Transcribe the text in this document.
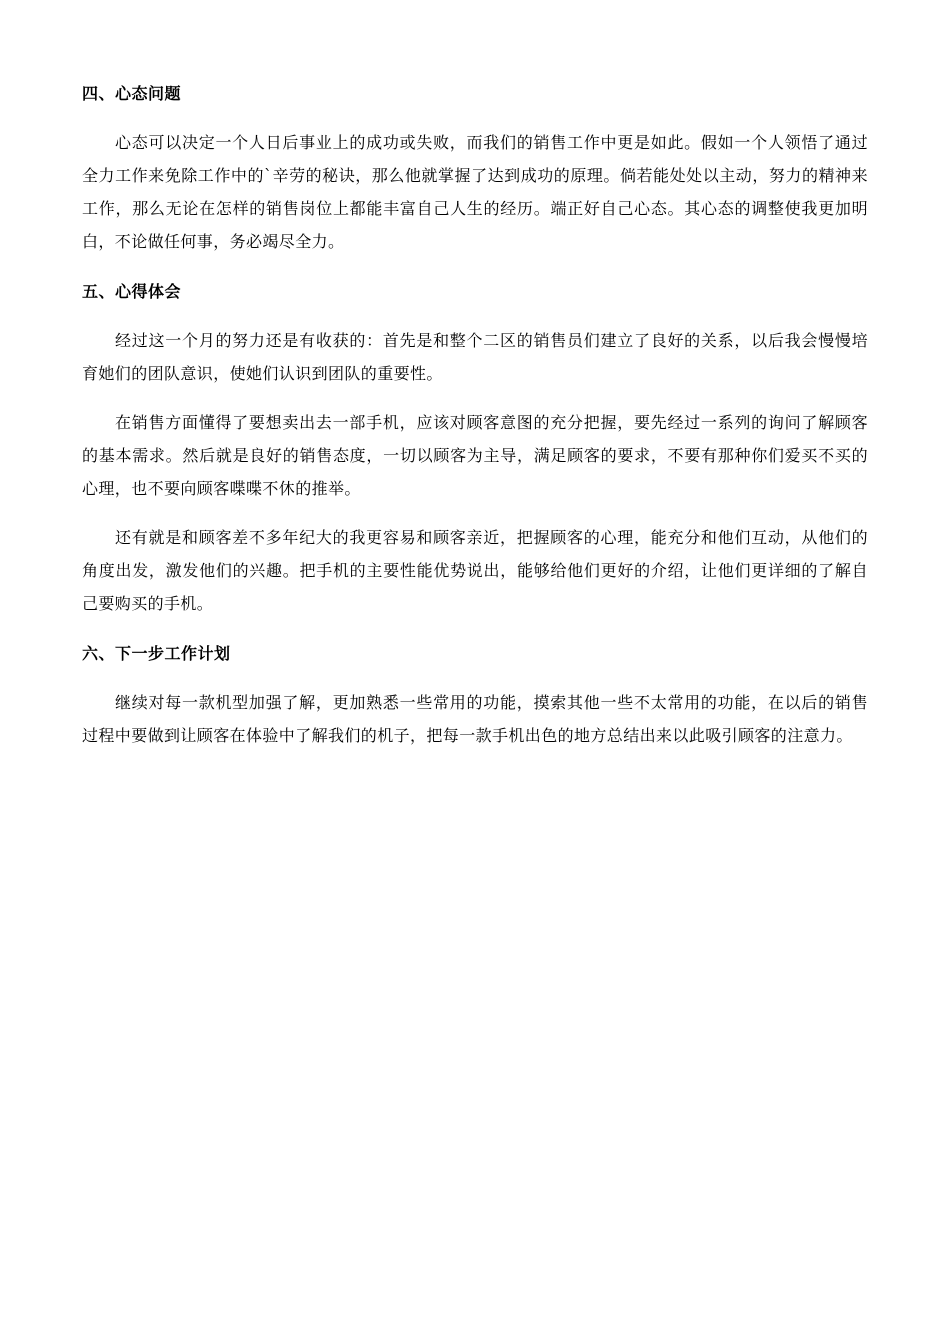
四、心态问题

心态可以决定一个人日后事业上的成功或失败，而我们的销售工作中更是如此。假如一个人领悟了通过全力工作来免除工作中的`辛劳的秘诀，那么他就掌握了达到成功的原理。倘若能处处以主动，努力的精神来工作，那么无论在怎样的销售岗位上都能丰富自己人生的经历。端正好自己心态。其心态的调整使我更加明白，不论做任何事，务必竭尽全力。

五、心得体会

经过这一个月的努力还是有收获的：首先是和整个二区的销售员们建立了良好的关系，以后我会慢慢培育她们的团队意识，使她们认识到团队的重要性。

在销售方面懂得了要想卖出去一部手机，应该对顾客意图的充分把握，要先经过一系列的询问了解顾客的基本需求。然后就是良好的销售态度，一切以顾客为主导，满足顾客的要求，不要有那种你们爱买不买的心理，也不要向顾客喋喋不休的推举。

还有就是和顾客差不多年纪大的我更容易和顾客亲近，把握顾客的心理，能充分和他们互动，从他们的角度出发，激发他们的兴趣。把手机的主要性能优势说出，能够给他们更好的介绍，让他们更详细的了解自己要购买的手机。

六、下一步工作计划

继续对每一款机型加强了解，更加熟悉一些常用的功能，摸索其他一些不太常用的功能，在以后的销售过程中要做到让顾客在体验中了解我们的机子，把每一款手机出色的地方总结出来以此吸引顾客的注意力。
